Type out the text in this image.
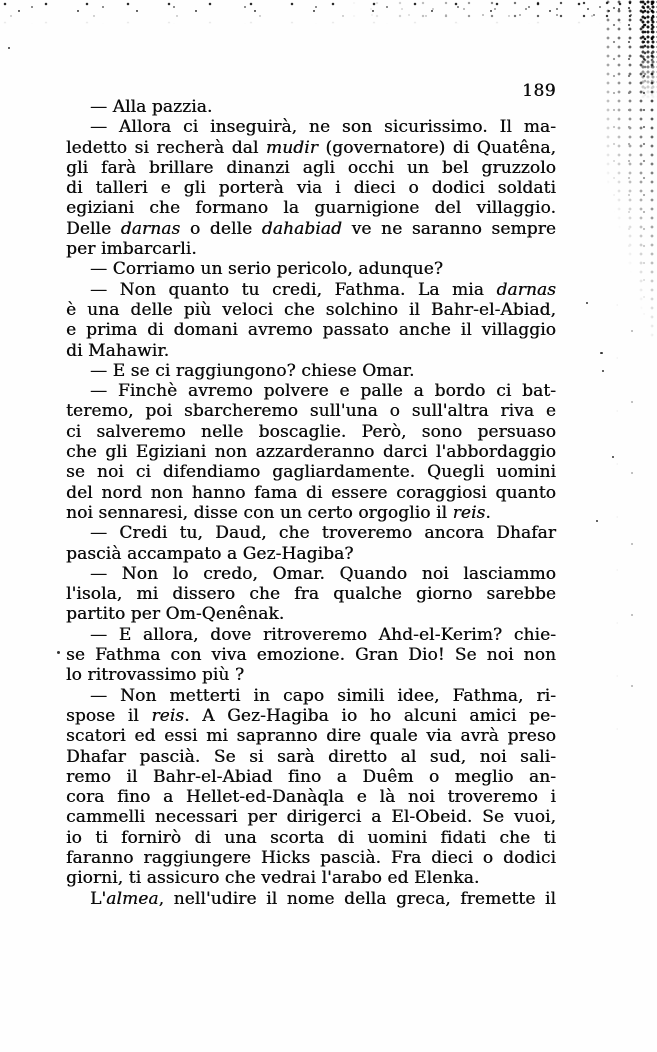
189
— Alla pazzia.
— Allora ci inseguirà, ne son sicurissimo. Il ma-
ledetto si recherà dal mudir (governatore) di Quatêna,
gli farà brillare dinanzi agli occhi un bel gruzzolo
di talleri e gli porterà via i dieci o dodici soldati
egiziani che formano la guarnigione del villaggio.
Delle darnas o delle dahabiad ve ne saranno sempre
per imbarcarli.
— Corriamo un serio pericolo, adunque?
— Non quanto tu credi, Fathma. La mia darnas
è una delle più veloci che solchino il Bahr-el-Abiad,
e prima di domani avremo passato anche il villaggio
di Mahawir.
— E se ci raggiungono? chiese Omar.
— Finchè avremo polvere e palle a bordo ci bat-
teremo, poi sbarcheremo sull'una o sull'altra riva e
ci salveremo nelle boscaglie. Però, sono persuaso
che gli Egiziani non azzarderanno darci l'abbordaggio
se noi ci difendiamo gagliardamente. Quegli uomini
del nord non hanno fama di essere coraggiosi quanto
noi sennaresi, disse con un certo orgoglio il reis.
— Credi tu, Daud, che troveremo ancora Dhafar
pascià accampato a Gez-Hagiba?
— Non lo credo, Omar. Quando noi lasciammo
l'isola, mi dissero che fra qualche giorno sarebbe
partito per Om-Qenênak.
— E allora, dove ritroveremo Ahd-el-Kerim? chie-
se Fathma con viva emozione. Gran Dio! Se noi non
lo ritrovassimo più ?
— Non metterti in capo simili idee, Fathma, ri-
spose il reis. A Gez-Hagiba io ho alcuni amici pe-
scatori ed essi mi sapranno dire quale via avrà preso
Dhafar pascià. Se si sarà diretto al sud, noi sali-
remo il Bahr-el-Abiad fino a Duêm o meglio an-
cora fino a Hellet-ed-Danàqla e là noi troveremo i
cammelli necessari per dirigerci a El-Obeid. Se vuoi,
io ti fornirò di una scorta di uomini fidati che ti
faranno raggiungere Hicks pascià. Fra dieci o dodici
giorni, ti assicuro che vedrai l'arabo ed Elenka.
L'almea, nell'udire il nome della greca, fremette il
